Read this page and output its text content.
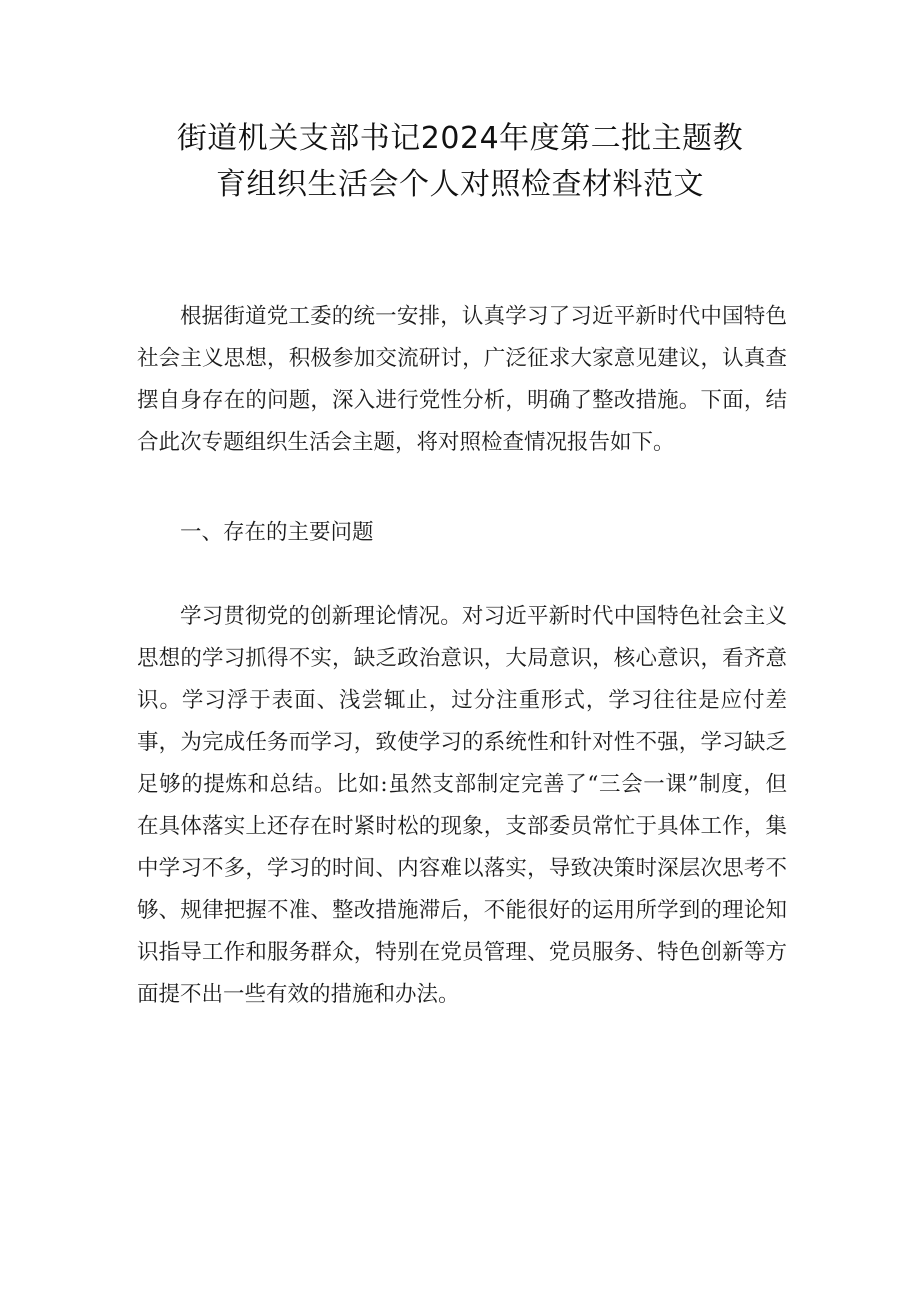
街道机关支部书记2024年度第二批主题教
育组织生活会个人对照检查材料范文

根据街道党工委的统一安排，认真学习了习近平新时代中国特色社会主义思想，积极参加交流研讨，广泛征求大家意见建议，认真查摆自身存在的问题，深入进行党性分析，明确了整改措施。下面，结合此次专题组织生活会主题，将对照检查情况报告如下。

一、存在的主要问题

学习贯彻党的创新理论情况。对习近平新时代中国特色社会主义思想的学习抓得不实，缺乏政治意识，大局意识，核心意识，看齐意识。学习浮于表面、浅尝辄止，过分注重形式，学习往往是应付差事，为完成任务而学习，致使学习的系统性和针对性不强，学习缺乏足够的提炼和总结。比如:虽然支部制定完善了“三会一课”制度，但在具体落实上还存在时紧时松的现象，支部委员常忙于具体工作，集中学习不多，学习的时间、内容难以落实，导致决策时深层次思考不够、规律把握不准、整改措施滞后，不能很好的运用所学到的理论知识指导工作和服务群众，特别在党员管理、党员服务、特色创新等方面提不出一些有效的措施和办法。
